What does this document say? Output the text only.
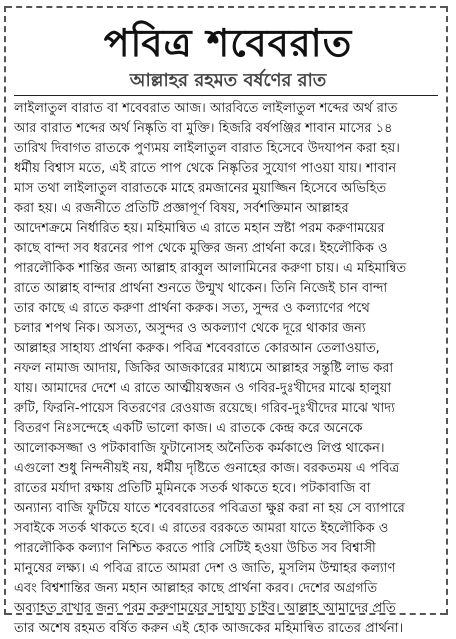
পবিত্র শবেবরাত
আল্লাহর রহমত বর্ষণের রাত
লাইলাতুল বারাত বা শবেবরাত আজ। আরবিতে লাইলাতুল শব্দের অর্থ রাত
আর বারাত শব্দের অর্থ নিষ্কৃতি বা মুক্তি। হিজরি বর্ষপঞ্জির শাবান মাসের ১৪
তারিখ দিবাগত রাতকে পুণ্যময় লাইলাতুল বারাত হিসেবে উদযাপন করা হয়।
ধর্মীয় বিশ্বাস মতে, এই রাতে পাপ থেকে নিষ্কৃতির সুযোগ পাওয়া যায়। শাবান
মাস তথা লাইলাতুল বারাতকে মাহে রমজানের মুয়াজ্জিন হিসেবে অভিহিত
করা হয়। এ রজনীতে প্রতিটি প্রজ্ঞাপূর্ণ বিষয়, সর্বশক্তিমান আল্লাহর
আদেশক্রমে নির্ধারিত হয়। মহিমান্বিত এ রাতে মহান স্রষ্টা পরম করুণাময়ের
কাছে বান্দা সব ধরনের পাপ থেকে মুক্তির জন্য প্রার্থনা করে। ইহলৌকিক ও
পারলৌকিক শান্তির জন্য আল্লাহ রাব্বুল আলামিনের করুণা চায়। এ মহিমান্বিত
রাতে আল্লাহ বান্দার প্রার্থনা শুনতে উন্মুখ থাকেন। তিনি নিজেই চান বান্দা
তার কাছে এ রাতে করুণা প্রার্থনা করুক। সত্য, সুন্দর ও কল্যাণের পথে
চলার শপথ নিক। অসত্য, অসুন্দর ও অকল্যাণ থেকে দূরে থাকার জন্য
আল্লাহর সাহায্য প্রার্থনা করুক। পবিত্র শবেবরাতে কোরআন তেলাওয়াত,
নফল নামাজ আদায়, জিকির আজকারের মাধ্যমে আল্লাহর সন্তুষ্টি লাভ করা
যায়। আমাদের দেশে এ রাতে আত্মীয়স্বজন ও গবির-দুঃখীদের মাঝে হালুয়া
রুটি, ফিরনি-পায়েস বিতরণের রেওয়াজ রয়েছে। গরিব-দুঃখীদের মাঝে খাদ্য
বিতরণ নিঃসন্দেহে একটি ভালো কাজ। এ রাতকে কেন্দ্র করে অনেকে
আলোকসজ্জা ও পটকাবাজি ফুটানোসহ অনৈতিক কর্মকাণ্ডে লিপ্ত থাকেন।
এগুলো শুধু নিন্দনীয়ই নয়, ধর্মীয় দৃষ্টিতে গুনাহের কাজ। বরকতময় এ পবিত্র
রাতের মর্যাদা রক্ষায় প্রতিটি মুমিনকে সতর্ক থাকতে হবে। পটকাবাজি বা
অন্যান্য বাজি ফুটিয়ে যাতে শবেবরাতের পবিত্রতা ক্ষুণ্ণ করা না হয় সে ব্যাপারে
সবাইকে সতর্ক থাকতে হবে। এ রাতের বরকতে আমরা যাতে ইহলৌকিক ও
পারলৌকিক কল্যাণ নিশ্চিত করতে পারি সেটিই হওয়া উচিত সব বিশ্বাসী
মানুষের লক্ষ্য। এ পবিত্র রাতে আমরা দেশ ও জাতি, মুসলিম উম্মাহর কল্যাণ
এবং বিশ্বশান্তির জন্য মহান আল্লাহর কাছে প্রার্থনা করব। দেশের অগ্রগতি
অব্যাহত রাখার জন্য পরম করুণাময়ের সাহায্য চাইব। আল্লাহ আমাদের প্রতি
তার অশেষ রহমত বর্ষিত করুন এই হোক আজকের মহিমান্বিত রাতের প্রার্থনা।
